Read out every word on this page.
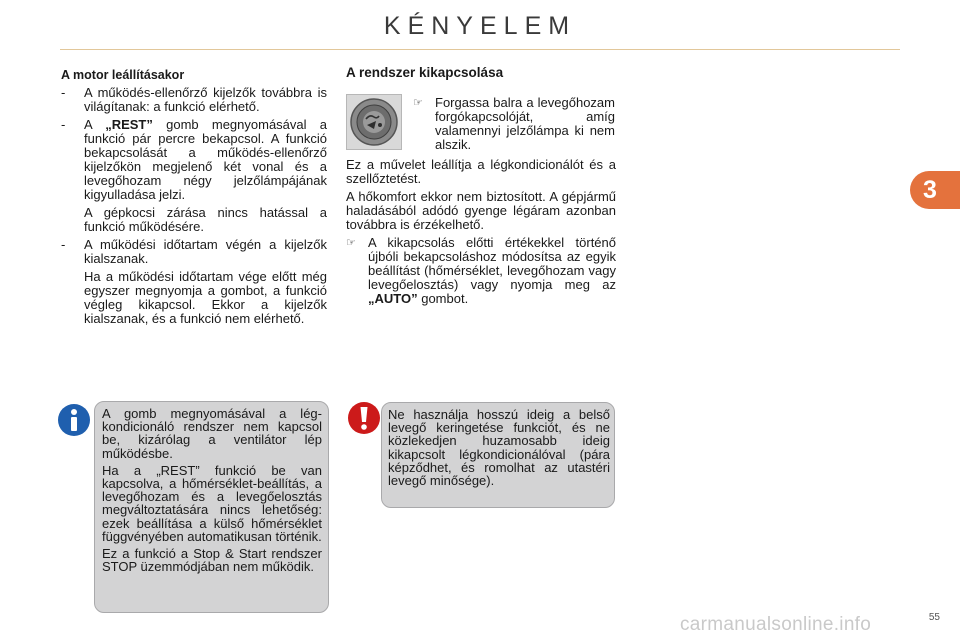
KÉNYELEM
3

A motor leállításakor

- A működés-ellenőrző kijelzők továbbra is világítanak: a funkció elérhető.

- A „REST” gomb megnyomásával a funkció pár percre bekapcsol. A funkció bekapcsolását a működés-ellenőrző kijelzőkön megjelenő két vonal és a levegőhozam négy jelzőlámpájának kigyulladása jelzi.

A gépkocsi zárása nincs hatással a funkció működésére.

- A működési időtartam végén a kijelzők kialszanak.

Ha a működési időtartam vége előtt még egyszer megnyomja a gombot, a funkció végleg kikapcsol. Ekkor a kijelzők kialszanak, és a funkció nem elérhető.

A rendszer kikapcsolása

☞ Forgassa balra a levegőhozam forgókapcsolóját, amíg valamennyi jelzőlámpa ki nem alszik.

Ez a művelet leállítja a légkondicionálót és a szellőztetést.

A hőkomfort ekkor nem biztosított. A gépjármű haladásából adódó gyenge légáram azonban továbbra is érzékelhető.

☞ A kikapcsolás előtti értékekkel történő újbóli bekapcsoláshoz módosítsa az egyik beállítást (hőmérséklet, levegőhozam vagy levegőelosztás) vagy nyomja meg az „AUTO” gombot.

A gomb megnyomásával a légkondicionáló rendszer nem kapcsol be, kizárólag a ventilátor lép működésbe.

Ha a „REST” funkció be van kapcsolva, a hőmérséklet-beállítás, a levegőhozam és a levegőelosztás megváltoztatására nincs lehetőség: ezek beállítása a külső hőmérséklet függvényében automatikusan történik.

Ez a funkció a Stop & Start rendszer STOP üzemmódjában nem működik.

Ne használja hosszú ideig a belső levegő keringetése funkciót, és ne közlekedjen huzamosabb ideig kikapcsolt légkondicionálóval (pára képződhet, és romolhat az utastéri levegő minősége).

55
carmanualsonline.info
